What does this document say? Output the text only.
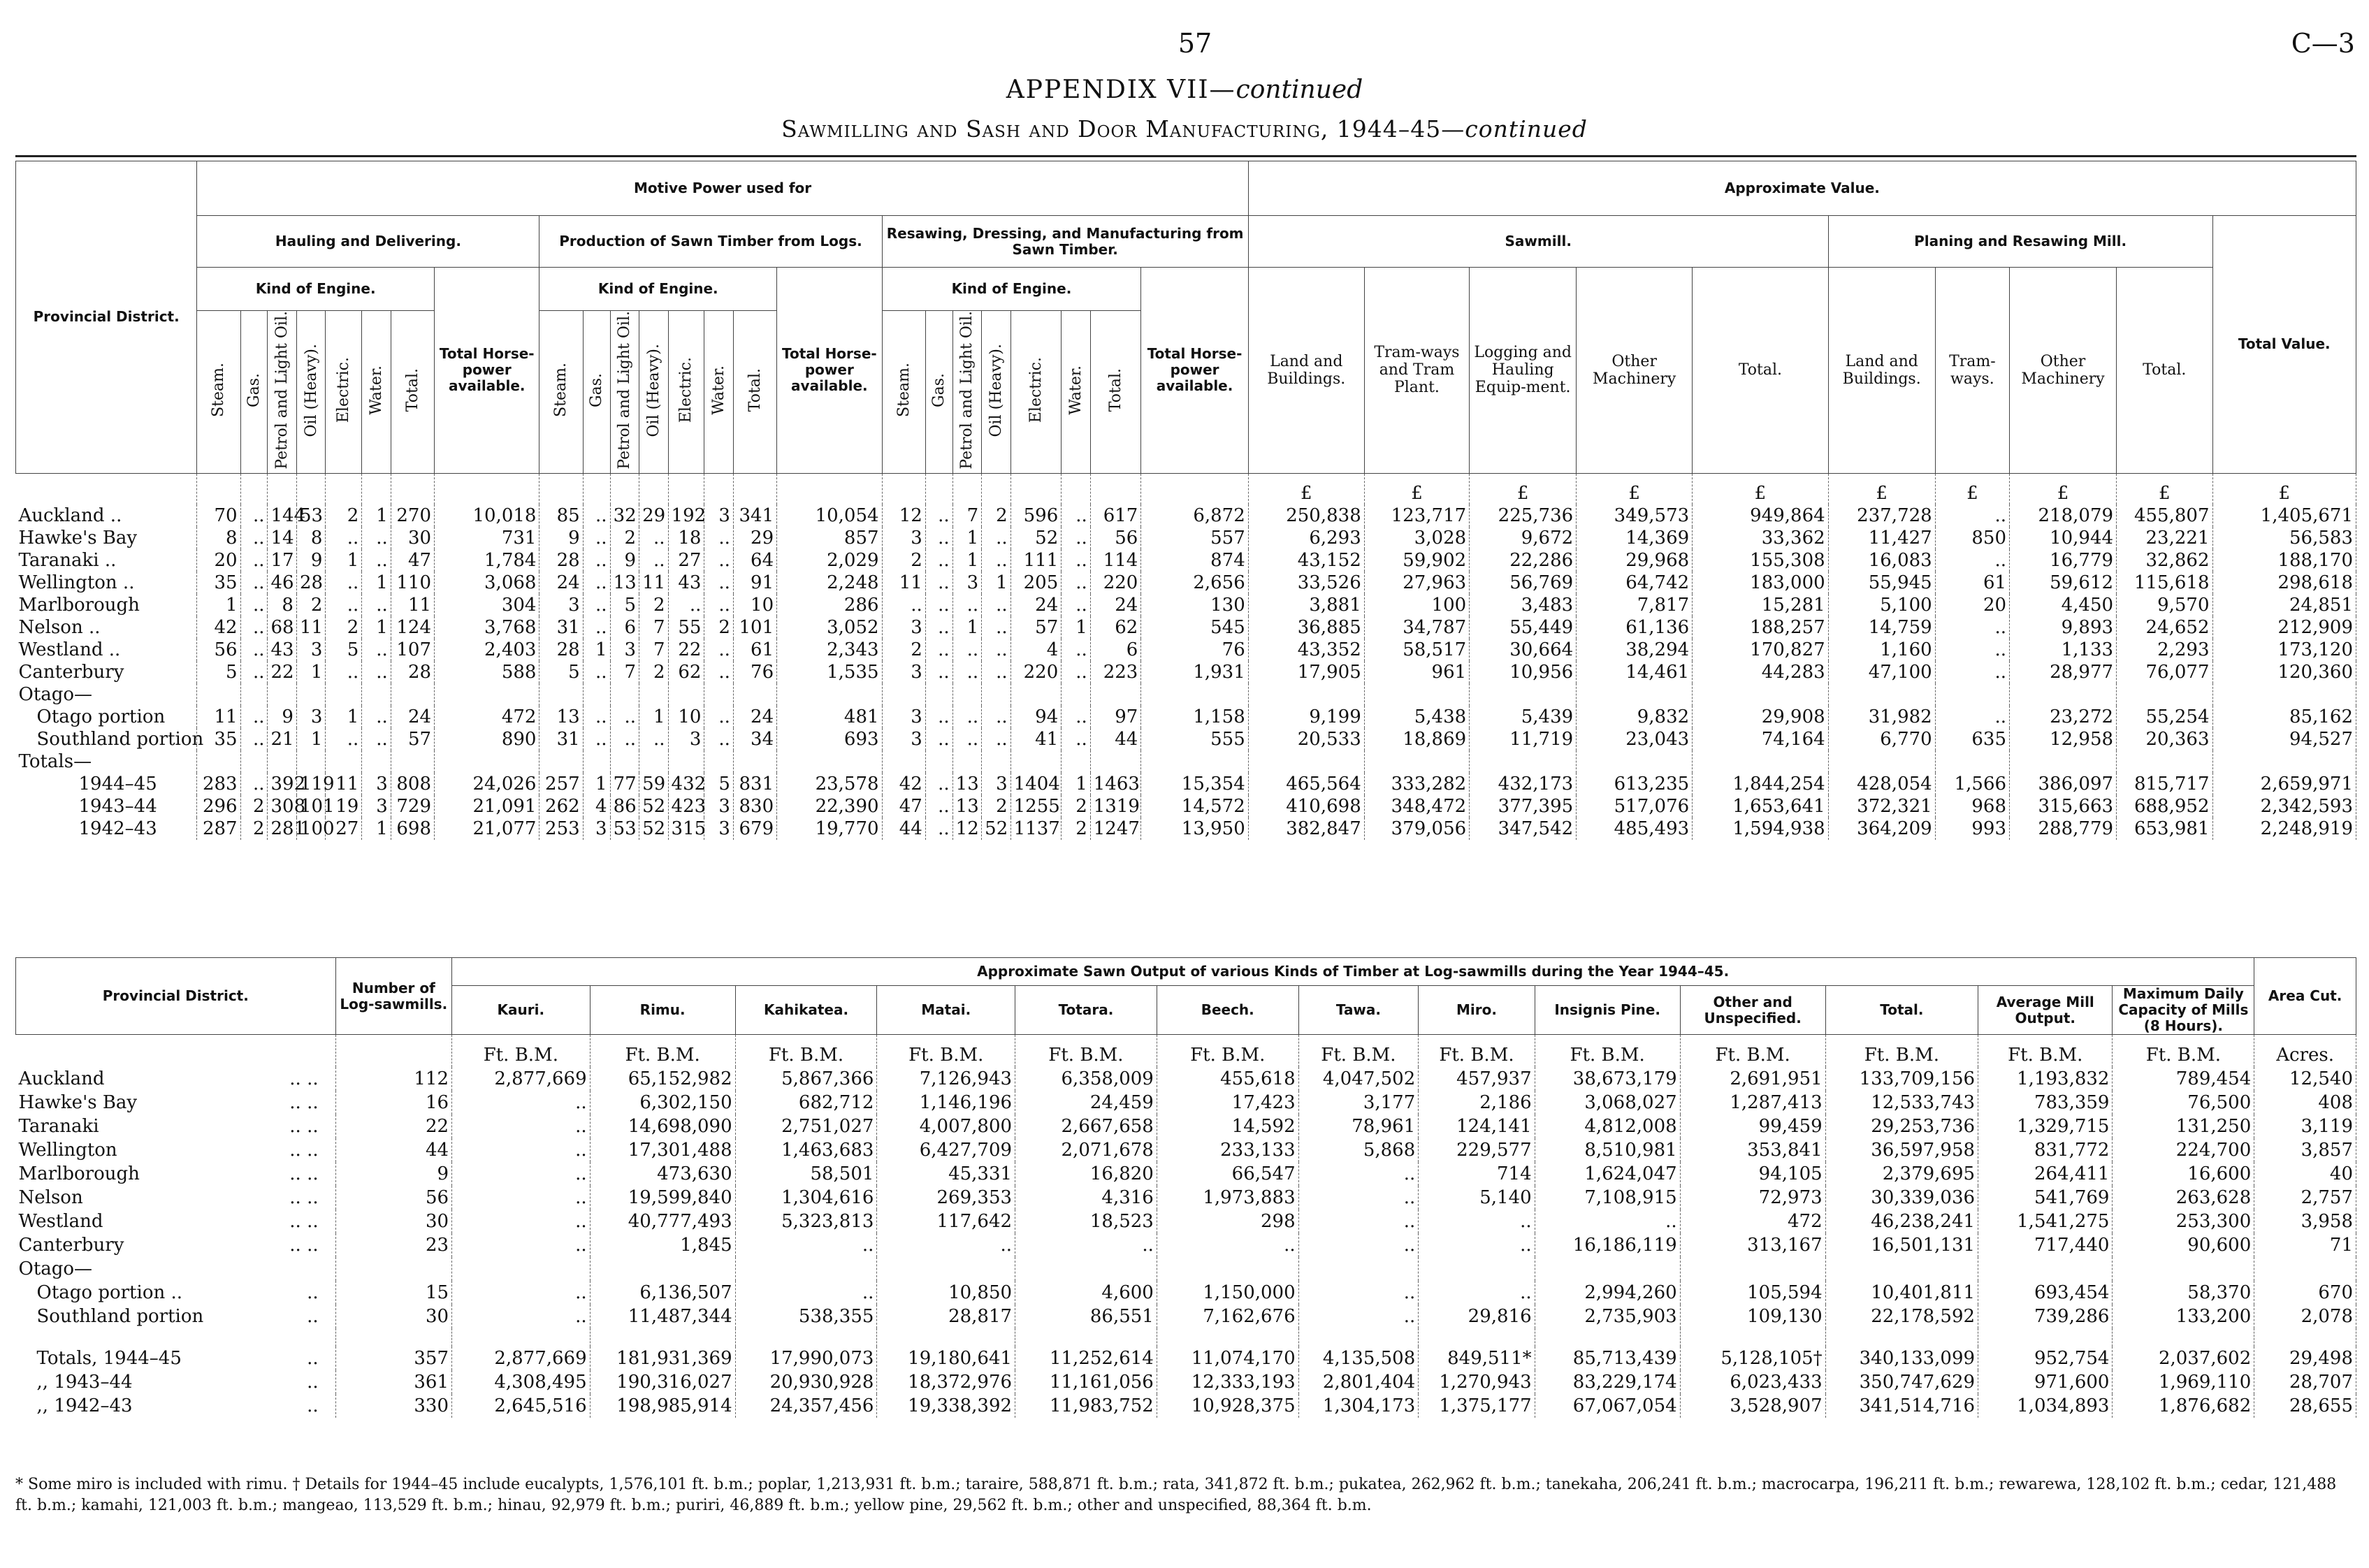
57	C—3
APPENDIX VII—continued
Sawmilling and Sash and Door Manufacturing, 1944–45—continued
Provincial District.	Motive Power used for																								Approximate Value.									
	Hauling and Delivering.								Production of Sawn Timber from Logs.								Resawing, Dressing, and Manufacturing from Sawn Timber.								Sawmill.					Planing and Resawing Mill.				Total Value.
	Kind of Engine.							Total Horse-power available.	Kind of Engine.							Total Horse-power available.	Kind of Engine.							Total Horse-power available.	Land and Buildings.	Tram-ways and Tram Plant.	Logging and Hauling Equip-ment.	Other Machinery	Total.	Land and Buildings.	Tram-ways.	Other Machinery	Total.	
	Steam.	Gas.	Petrol and Light Oil.	Oil (Heavy).	Electric.	Water.	Total.		Steam.	Gas.	Petrol and Light Oil.	Oil (Heavy).	Electric.	Water.	Total.		Steam.	Gas.	Petrol and Light Oil.	Oil (Heavy).	Electric.	Water.	Total.											
																									£	£	£	£	£	£	£	£	£	£
Auckland ..	70	..	144	53	2	1	270	10,018	85	..	32	29	192	3	341	10,054	12	..	7	2	596	..	617	6,872	250,838	123,717	225,736	349,573	949,864	237,728	..	218,079	455,807	1,405,671
Hawke's Bay	8	..	14	8	..	..	30	731	9	..	2	..	18	..	29	857	3	..	1	..	52	..	56	557	6,293	3,028	9,672	14,369	33,362	11,427	850	10,944	23,221	56,583
Taranaki ..	20	..	17	9	1	..	47	1,784	28	..	9	..	27	..	64	2,029	2	..	1	..	111	..	114	874	43,152	59,902	22,286	29,968	155,308	16,083	..	16,779	32,862	188,170
Wellington ..	35	..	46	28	..	1	110	3,068	24	..	13	11	43	..	91	2,248	11	..	3	1	205	..	220	2,656	33,526	27,963	56,769	64,742	183,000	55,945	61	59,612	115,618	298,618
Marlborough	1	..	8	2	..	..	11	304	3	..	5	2	..	..	10	286	..	..	..	..	24	..	24	130	3,881	100	3,483	7,817	15,281	5,100	20	4,450	9,570	24,851
Nelson ..	42	..	68	11	2	1	124	3,768	31	..	6	7	55	2	101	3,052	3	..	1	..	57	1	62	545	36,885	34,787	55,449	61,136	188,257	14,759	..	9,893	24,652	212,909
Westland ..	56	..	43	3	5	..	107	2,403	28	1	3	7	22	..	61	2,343	2	..	..	..	4	..	6	76	43,352	58,517	30,664	38,294	170,827	1,160	..	1,133	2,293	173,120
Canterbury	5	..	22	1	..	..	28	588	5	..	7	2	62	..	76	1,535	3	..	..	..	220	..	223	1,931	17,905	961	10,956	14,461	44,283	47,100	..	28,977	76,077	120,360
Otago—																																		
Otago portion	11	..	9	3	1	..	24	472	13	..	..	1	10	..	24	481	3	..	..	..	94	..	97	1,158	9,199	5,438	5,439	9,832	29,908	31,982	..	23,272	55,254	85,162
Southland portion	35	..	21	1	..	..	57	890	31	..	..	..	3	..	34	693	3	..	..	..	41	..	44	555	20,533	18,869	11,719	23,043	74,164	6,770	635	12,958	20,363	94,527
Totals—																																		
1944–45	283	..	392	119	11	3	808	24,026	257	1	77	59	432	5	831	23,578	42	..	13	3	1404	1	1463	15,354	465,564	333,282	432,173	613,235	1,844,254	428,054	1,566	386,097	815,717	2,659,971
1943–44	296	2	308	101	19	3	729	21,091	262	4	86	52	423	3	830	22,390	47	..	13	2	1255	2	1319	14,572	410,698	348,472	377,395	517,076	1,653,641	372,321	968	315,663	688,952	2,342,593
1942–43	287	2	281	100	27	1	698	21,077	253	3	53	52	315	3	679	19,770	44	..	12	52	1137	2	1247	13,950	382,847	379,056	347,542	485,493	1,594,938	364,209	993	288,779	653,981	2,248,919
Provincial District.	Number of Log-sawmills.	Approximate Sawn Output of various Kinds of Timber at Log-sawmills during the Year 1944–45.													Area Cut.
		Kauri.	Rimu.	Kahikatea.	Matai.	Totara.	Beech.	Tawa.	Miro.	Insignis Pine.	Other and Unspecified.	Total.	Average Mill Output.	Maximum Daily Capacity of Mills (8 Hours).	
		Ft. B.M.	Ft. B.M.	Ft. B.M.	Ft. B.M.	Ft. B.M.	Ft. B.M.	Ft. B.M.	Ft. B.M.	Ft. B.M.	Ft. B.M.	Ft. B.M.	Ft. B.M.	Ft. B.M.	Acres.
Auckland .. ..	112	2,877,669	65,152,982	5,867,366	7,126,943	6,358,009	455,618	4,047,502	457,937	38,673,179	2,691,951	133,709,156	1,193,832	789,454	12,540
Hawke's Bay .. ..	16	..	6,302,150	682,712	1,146,196	24,459	17,423	3,177	2,186	3,068,027	1,287,413	12,533,743	783,359	76,500	408
Taranaki .. ..	22	..	14,698,090	2,751,027	4,007,800	2,667,658	14,592	78,961	124,141	4,812,008	99,459	29,253,736	1,329,715	131,250	3,119
Wellington .. ..	44	..	17,301,488	1,463,683	6,427,709	2,071,678	233,133	5,868	229,577	8,510,981	353,841	36,597,958	831,772	224,700	3,857
Marlborough .. ..	9	..	473,630	58,501	45,331	16,820	66,547	..	714	1,624,047	94,105	2,379,695	264,411	16,600	40
Nelson .. ..	56	..	19,599,840	1,304,616	269,353	4,316	1,973,883	..	5,140	7,108,915	72,973	30,339,036	541,769	263,628	2,757
Westland .. ..	30	..	40,777,493	5,323,813	117,642	18,523	298	..	..	..	472	46,238,241	1,541,275	253,300	3,958
Canterbury .. ..	23	..	1,845	..	..	..	..	..	..	16,186,119	313,167	16,501,131	717,440	90,600	71
Otago—															
Otago portion .. ..	15	..	6,136,507	..	10,850	4,600	1,150,000	..	..	2,994,260	105,594	10,401,811	693,454	58,370	670
Southland portion ..	30	..	11,487,344	538,355	28,817	86,551	7,162,676	..	29,816	2,735,903	109,130	22,178,592	739,286	133,200	2,078

Totals, 1944–45 ..	357	2,877,669	181,931,369	17,990,073	19,180,641	11,252,614	11,074,170	4,135,508	849,511*	85,713,439	5,128,105†	340,133,099	952,754	2,037,602	29,498
,, 1943–44 ..	361	4,308,495	190,316,027	20,930,928	18,372,976	11,161,056	12,333,193	2,801,404	1,270,943	83,229,174	6,023,433	350,747,629	971,600	1,969,110	28,707
,, 1942–43 ..	330	2,645,516	198,985,914	24,357,456	19,338,392	11,983,752	10,928,375	1,304,173	1,375,177	67,067,054	3,528,907	341,514,716	1,034,893	1,876,682	28,655
* Some miro is included with rimu. † Details for 1944–45 include eucalypts, 1,576,101 ft. b.m.; poplar, 1,213,931 ft. b.m.; taraire, 588,871 ft. b.m.; rata, 341,872 ft. b.m.; pukatea, 262,962 ft. b.m.; tanekaha, 206,241 ft. b.m.; macrocarpa, 196,211 ft. b.m.; rewarewa, 128,102 ft. b.m.; cedar, 121,488 ft. b.m.; kamahi, 121,003 ft. b.m.; mangeao, 113,529 ft. b.m.; hinau, 92,979 ft. b.m.; puriri, 46,889 ft. b.m.; yellow pine, 29,562 ft. b.m.; other and unspecified, 88,364 ft. b.m.
